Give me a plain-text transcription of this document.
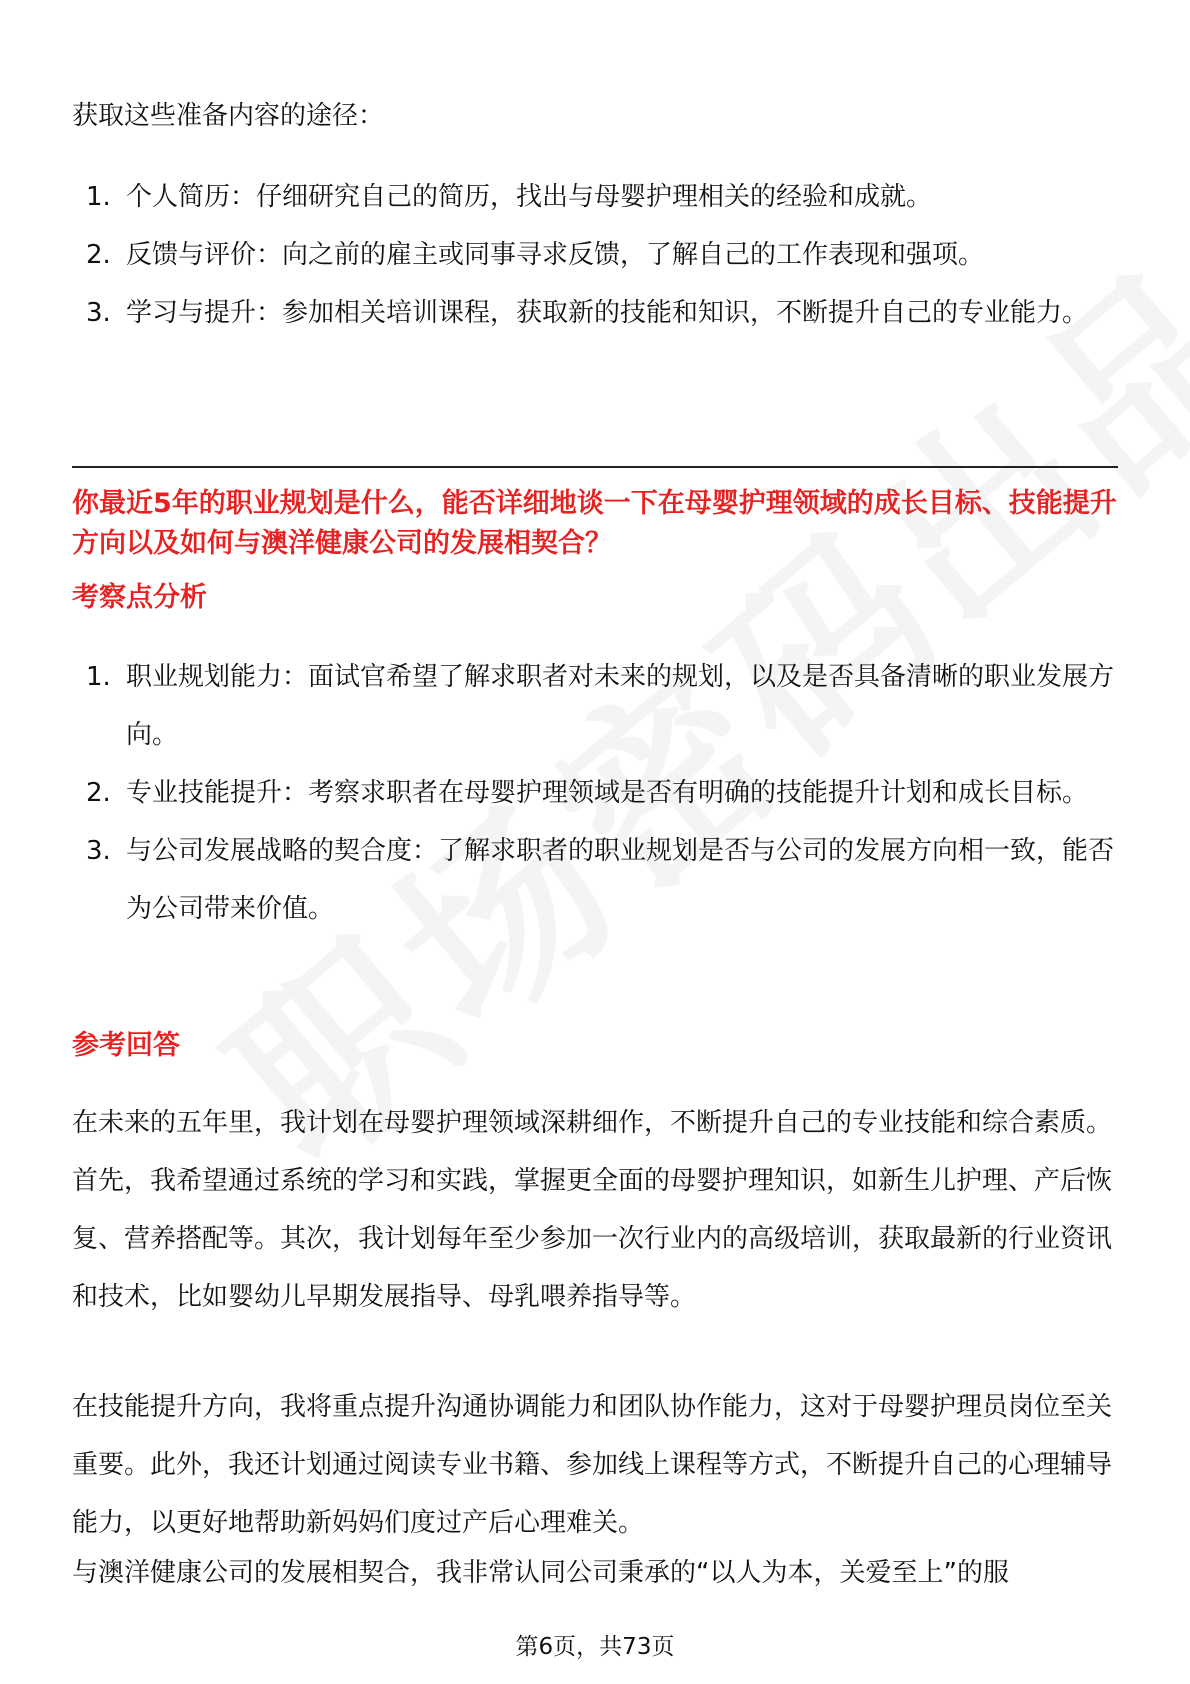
获取这些准备内容的途径：

1. 个人简历：仔细研究自己的简历，找出与母婴护理相关的经验和成就。
2. 反馈与评价：向之前的雇主或同事寻求反馈，了解自己的工作表现和强项。
3. 学习与提升：参加相关培训课程，获取新的技能和知识，不断提升自己的专业能力。

你最近5年的职业规划是什么，能否详细地谈一下在母婴护理领域的成长目标、技能提升方向以及如何与澳洋健康公司的发展相契合？

考察点分析

1. 职业规划能力：面试官希望了解求职者对未来的规划，以及是否具备清晰的职业发展方向。
2. 专业技能提升：考察求职者在母婴护理领域是否有明确的技能提升计划和成长目标。
3. 与公司发展战略的契合度：了解求职者的职业规划是否与公司的发展方向相一致，能否为公司带来价值。

参考回答

在未来的五年里，我计划在母婴护理领域深耕细作，不断提升自己的专业技能和综合素质。首先，我希望通过系统的学习和实践，掌握更全面的母婴护理知识，如新生儿护理、产后恢复、营养搭配等。其次，我计划每年至少参加一次行业内的高级培训，获取最新的行业资讯和技术，比如婴幼儿早期发展指导、母乳喂养指导等。

在技能提升方向，我将重点提升沟通协调能力和团队协作能力，这对于母婴护理员岗位至关重要。此外，我还计划通过阅读专业书籍、参加线上课程等方式，不断提升自己的心理辅导能力，以更好地帮助新妈妈们度过产后心理难关。

与澳洋健康公司的发展相契合，我非常认同公司秉承的“以人为本，关爱至上”的服

第6页，共73页
